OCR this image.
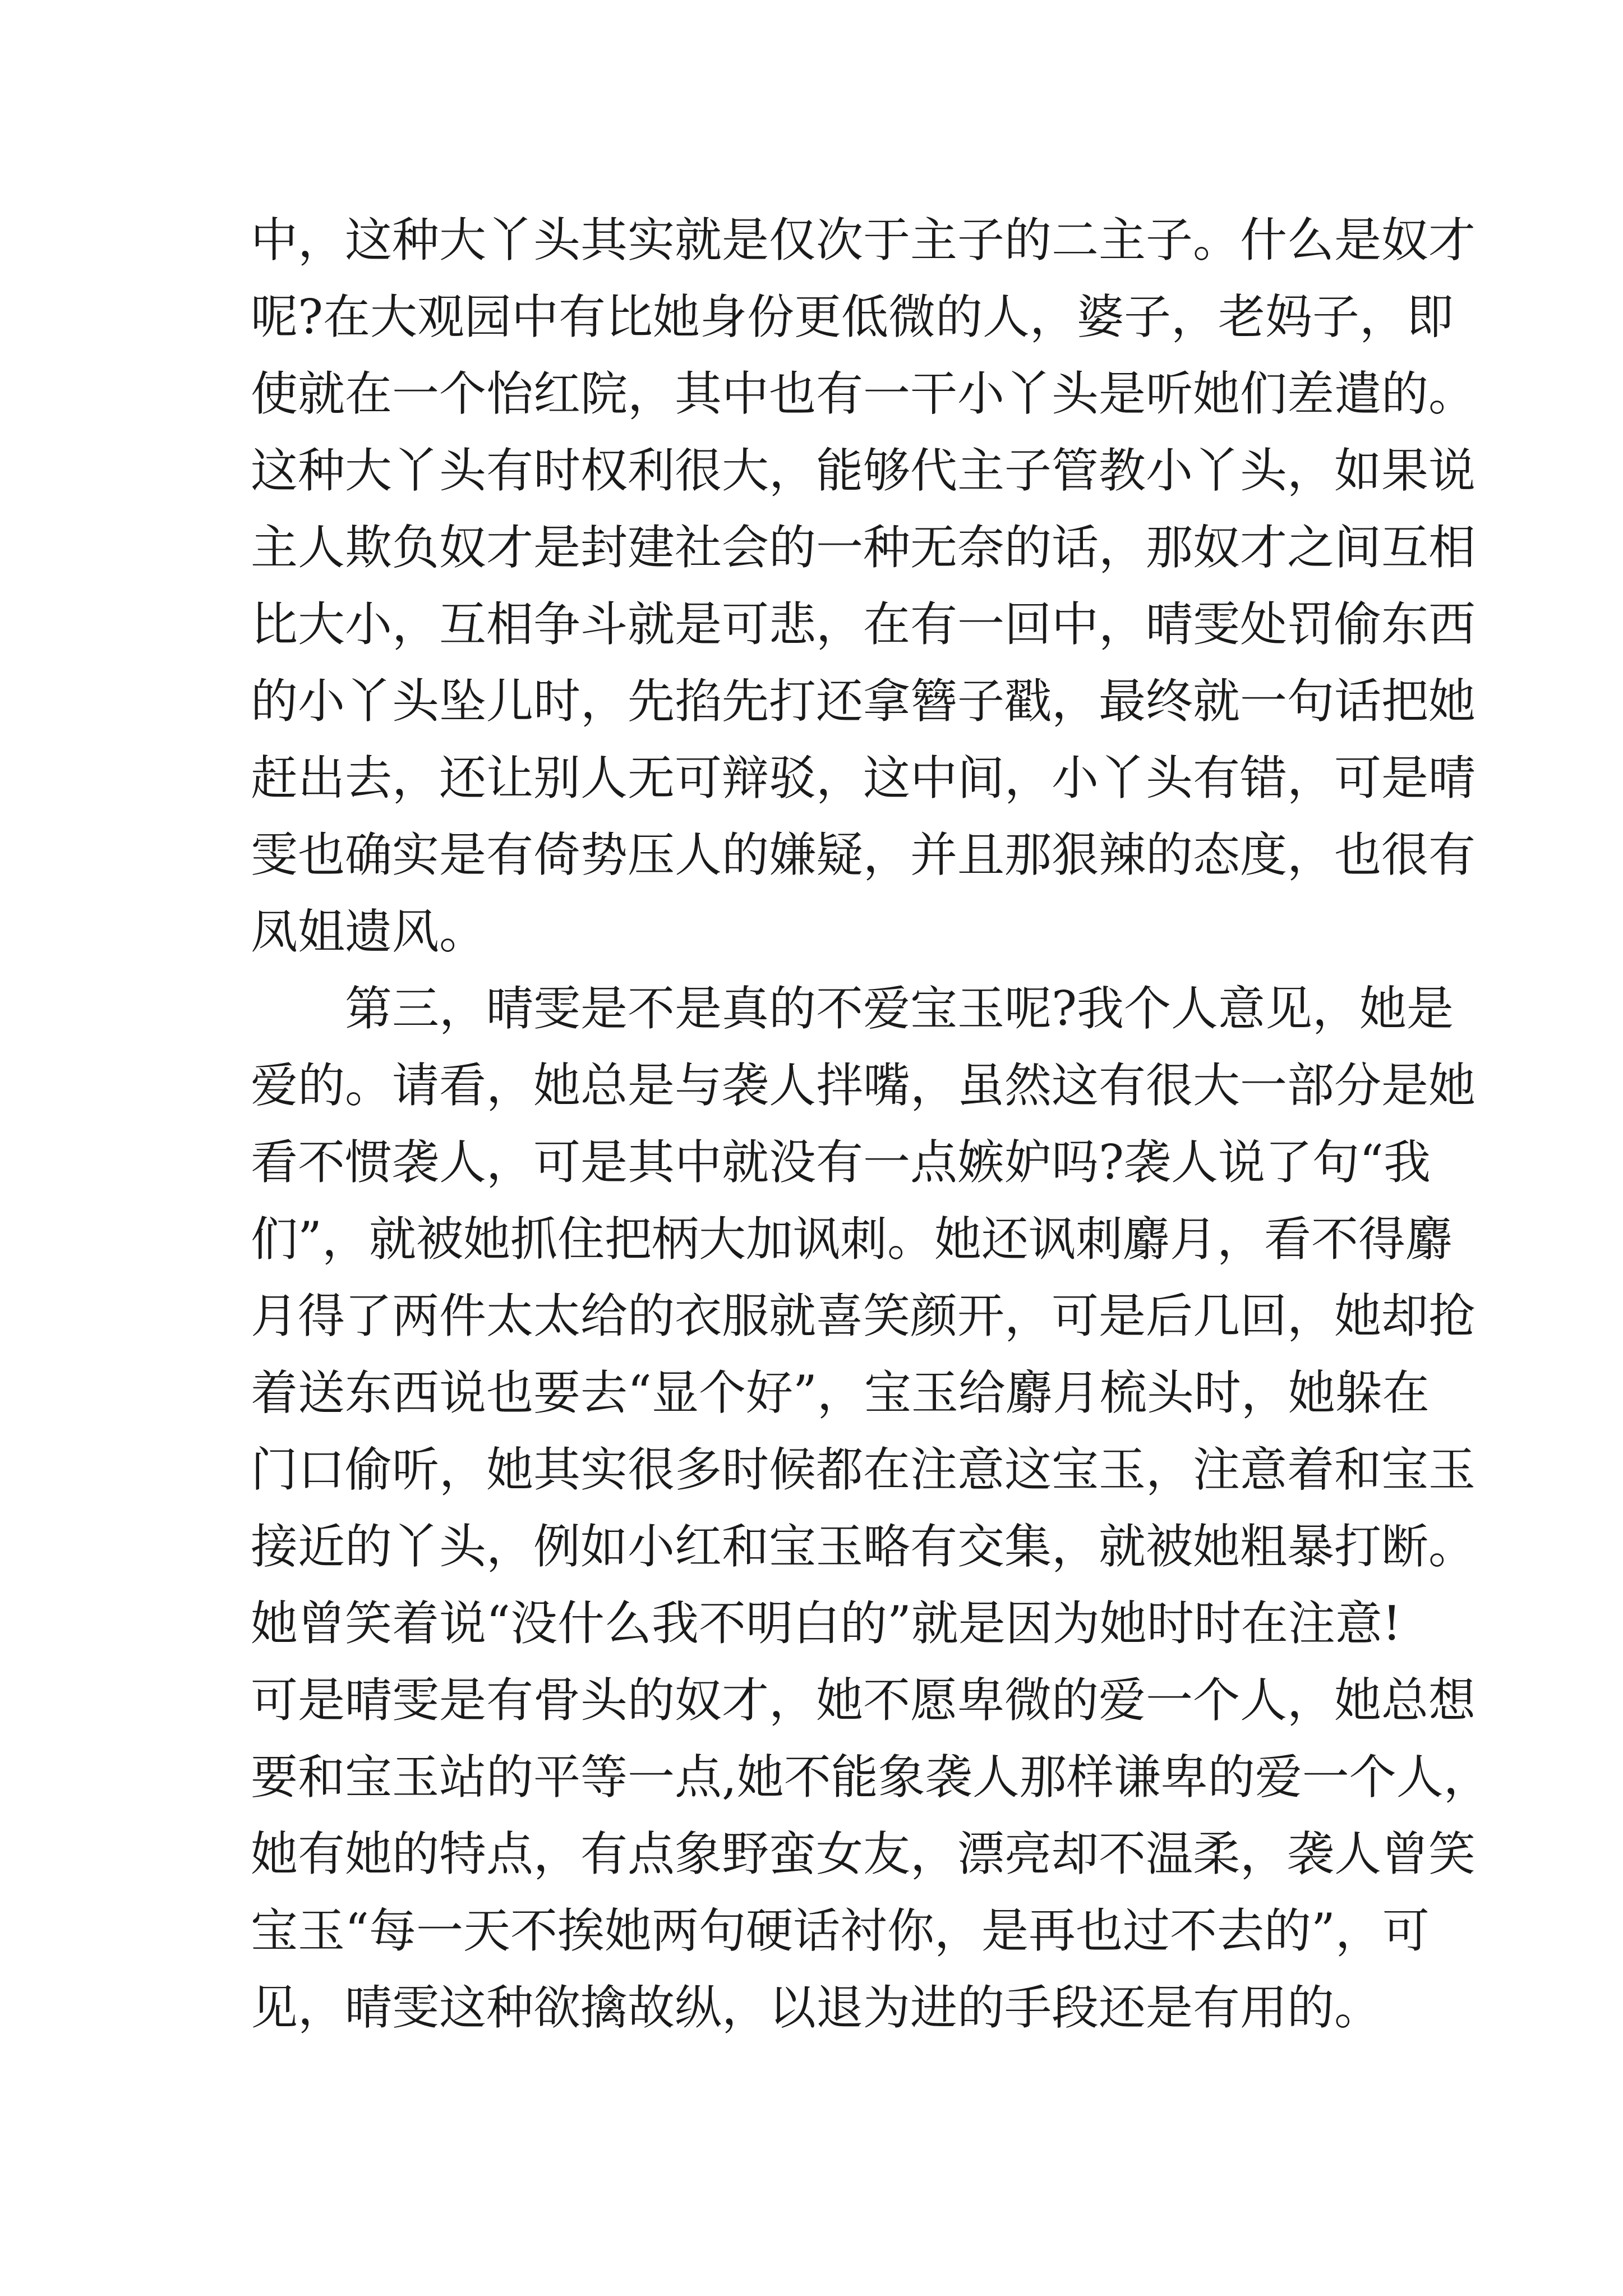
中，这种大丫头其实就是仅次于主子的二主子。什么是奴才
呢?在大观园中有比她身份更低微的人，婆子，老妈子，即
使就在一个怡红院，其中也有一干小丫头是听她们差遣的。
这种大丫头有时权利很大，能够代主子管教小丫头，如果说
主人欺负奴才是封建社会的一种无奈的话，那奴才之间互相
比大小，互相争斗就是可悲，在有一回中，晴雯处罚偷东西
的小丫头坠儿时，先掐先打还拿簪子戳，最终就一句话把她
赶出去，还让别人无可辩驳，这中间，小丫头有错，可是晴
雯也确实是有倚势压人的嫌疑，并且那狠辣的态度，也很有
凤姐遗风。
第三，晴雯是不是真的不爱宝玉呢?我个人意见，她是
爱的。请看，她总是与袭人拌嘴，虽然这有很大一部分是她
看不惯袭人，可是其中就没有一点嫉妒吗?袭人说了句“我
们”，就被她抓住把柄大加讽刺。她还讽刺麝月，看不得麝
月得了两件太太给的衣服就喜笑颜开，可是后几回，她却抢
着送东西说也要去“显个好”，宝玉给麝月梳头时，她躲在
门口偷听，她其实很多时候都在注意这宝玉，注意着和宝玉
接近的丫头，例如小红和宝玉略有交集，就被她粗暴打断。
她曾笑着说“没什么我不明白的”就是因为她时时在注意!
可是晴雯是有骨头的奴才，她不愿卑微的爱一个人，她总想
要和宝玉站的平等一点,她不能象袭人那样谦卑的爱一个人，
她有她的特点，有点象野蛮女友，漂亮却不温柔，袭人曾笑
宝玉“每一天不挨她两句硬话衬你，是再也过不去的”，可
见，晴雯这种欲擒故纵，以退为进的手段还是有用的。
